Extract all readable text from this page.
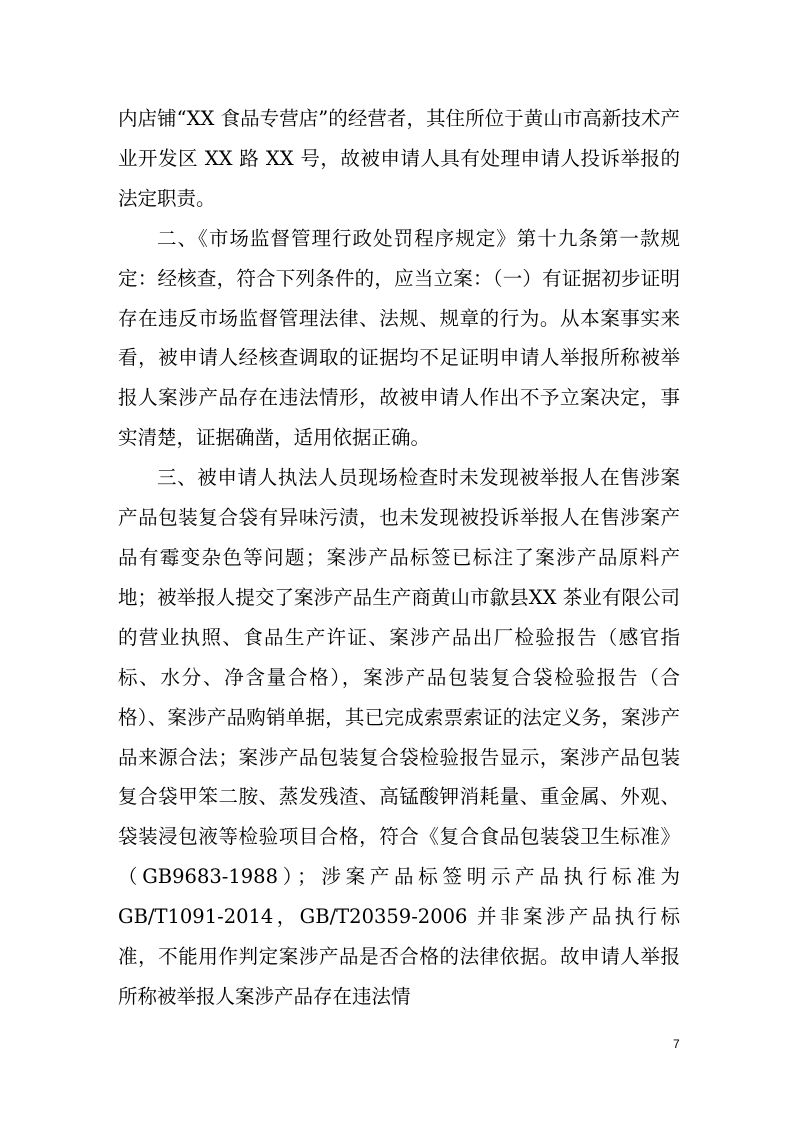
内店铺“XX 食品专营店”的经营者，其住所位于黄山市高新技术产业开发区 XX 路 XX 号，故被申请人具有处理申请人投诉举报的法定职责。

二、《市场监督管理行政处罚程序规定》第十九条第一款规定：经核查，符合下列条件的，应当立案：（一）有证据初步证明存在违反市场监督管理法律、法规、规章的行为。从本案事实来看，被申请人经核查调取的证据均不足证明申请人举报所称被举报人案涉产品存在违法情形，故被申请人作出不予立案决定，事实清楚，证据确凿，适用依据正确。

三、被申请人执法人员现场检查时未发现被举报人在售涉案产品包装复合袋有异味污渍，也未发现被投诉举报人在售涉案产品有霉变杂色等问题；案涉产品标签已标注了案涉产品原料产地；被举报人提交了案涉产品生产商黄山市歙县XX 茶业有限公司的营业执照、食品生产许证、案涉产品出厂检验报告（感官指标、水分、净含量合格），案涉产品包装复合袋检验报告（合格）、案涉产品购销单据，其已完成索票索证的法定义务，案涉产品来源合法；案涉产品包装复合袋检验报告显示，案涉产品包装复合袋甲笨二胺、蒸发残渣、高锰酸钾消耗量、重金属、外观、袋装浸包液等检验项目合格，符合《复合食品包装袋卫生标准》（GB9683-1988）；涉案产品标签明示产品执行标准为 GB/T1091-2014，GB/T20359-2006 并非案涉产品执行标准，不能用作判定案涉产品是否合格的法律依据。故申请人举报所称被举报人案涉产品存在违法情

7
